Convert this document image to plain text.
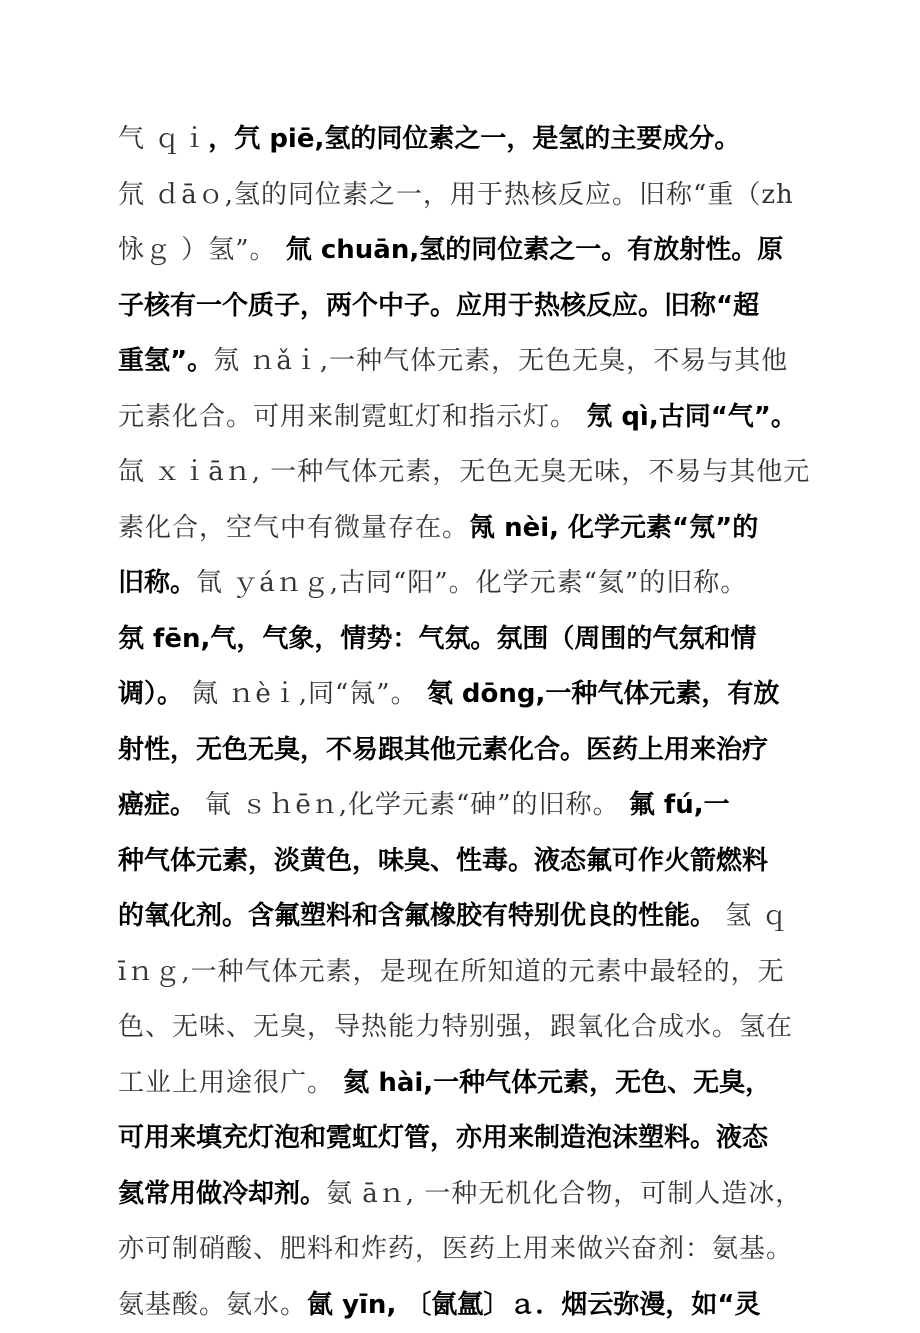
气 ｑｉ，氕 piē,氢的同位素之一，是氢的主要成分。
氘 ｄāｏ,氢的同位素之一，用于热核反应。旧称“重（zh
怺ｇ ）氢”。 氚 chuān,氢的同位素之一。有放射性。原
子核有一个质子，两个中子。应用于热核反应。旧称“超
重氢”。氖 ｎǎｉ,一种气体元素，无色无臭，不易与其他
元素化合。可用来制霓虹灯和指示灯。 氖 qì,古同“气”。
氙 ｘｉāｎ, 一种气体元素，无色无臭无味，不易与其他元
素化合，空气中有微量存在。氝 nèi, 化学元素“氖”的
旧称。氜 ｙáｎｇ,古同“阳”。化学元素“氦”的旧称。
氛 fēn,气，气象，情势：气氛。氛围（周围的气氛和情
调）。 氞 ｎèｉ,同“氝”。 氡 dōng,一种气体元素，有放
射性，无色无臭，不易跟其他元素化合。医药上用来治疗
癌症。 氠 ｓｈēｎ,化学元素“砷”的旧称。 氟 fú,一
种气体元素，淡黄色，味臭、性毒。液态氟可作火箭燃料
的氧化剂。含氟塑料和含氟橡胶有特别优良的性能。 氢 ｑ
īｎｇ,一种气体元素，是现在所知道的元素中最轻的，无
色、无味、无臭，导热能力特别强，跟氧化合成水。氢在
工业上用途很广。 氦 hài,一种气体元素，无色、无臭，
可用来填充灯泡和霓虹灯管，亦用来制造泡沫塑料。液态
氦常用做冷却剂。氨 āｎ, 一种无机化合物，可制人造冰，
亦可制硝酸、肥料和炸药，医药上用来做兴奋剂：氨基。
氨基酸。氨水。氤 yīn, 〔氤氲〕ａ．烟云弥漫，如“灵
